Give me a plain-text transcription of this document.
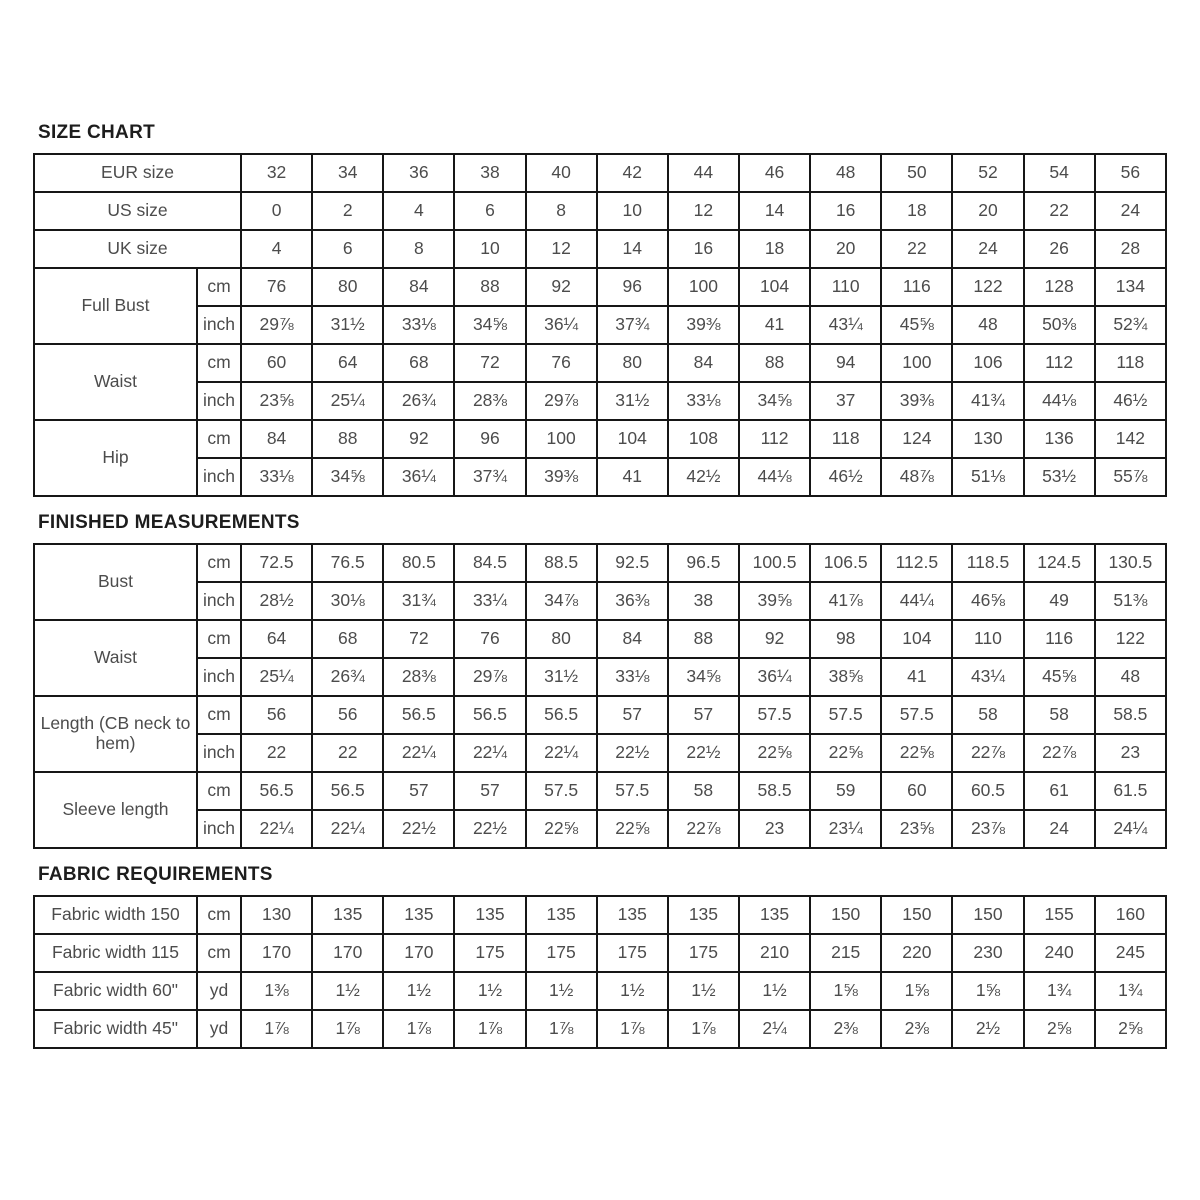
SIZE CHART
EUR size		32	34	36	38	40	42	44	46	48	50	52	54	56
US size		0	2	4	6	8	10	12	14	16	18	20	22	24
UK size		4	6	8	10	12	14	16	18	20	22	24	26	28
Full Bust	cm	76	80	84	88	92	96	100	104	110	116	122	128	134
	inch	29⅞	31½	33⅛	34⅝	36¼	37¾	39⅜	41	43¼	45⅝	48	50⅜	52¾
Waist	cm	60	64	68	72	76	80	84	88	94	100	106	112	118
	inch	23⅝	25¼	26¾	28⅜	29⅞	31½	33⅛	34⅝	37	39⅜	41¾	44⅛	46½
Hip	cm	84	88	92	96	100	104	108	112	118	124	130	136	142
	inch	33⅛	34⅝	36¼	37¾	39⅜	41	42½	44⅛	46½	48⅞	51⅛	53½	55⅞
FINISHED MEASUREMENTS
Bust	cm	72.5	76.5	80.5	84.5	88.5	92.5	96.5	100.5	106.5	112.5	118.5	124.5	130.5
	inch	28½	30⅛	31¾	33¼	34⅞	36⅜	38	39⅝	41⅞	44¼	46⅝	49	51⅜
Waist	cm	64	68	72	76	80	84	88	92	98	104	110	116	122
	inch	25¼	26¾	28⅜	29⅞	31½	33⅛	34⅝	36¼	38⅝	41	43¼	45⅝	48
Length (CB neck to hem)	cm	56	56	56.5	56.5	56.5	57	57	57.5	57.5	57.5	58	58	58.5
	inch	22	22	22¼	22¼	22¼	22½	22½	22⅝	22⅝	22⅝	22⅞	22⅞	23
Sleeve length	cm	56.5	56.5	57	57	57.5	57.5	58	58.5	59	60	60.5	61	61.5
	inch	22¼	22¼	22½	22½	22⅝	22⅝	22⅞	23	23¼	23⅝	23⅞	24	24¼
FABRIC REQUIREMENTS
Fabric width 150	cm	130	135	135	135	135	135	135	135	150	150	150	155	160
Fabric width 115	cm	170	170	170	175	175	175	175	210	215	220	230	240	245
Fabric width 60"	yd	1⅜	1½	1½	1½	1½	1½	1½	1½	1⅝	1⅝	1⅝	1¾	1¾
Fabric width 45"	yd	1⅞	1⅞	1⅞	1⅞	1⅞	1⅞	1⅞	2¼	2⅜	2⅜	2½	2⅝	2⅝
